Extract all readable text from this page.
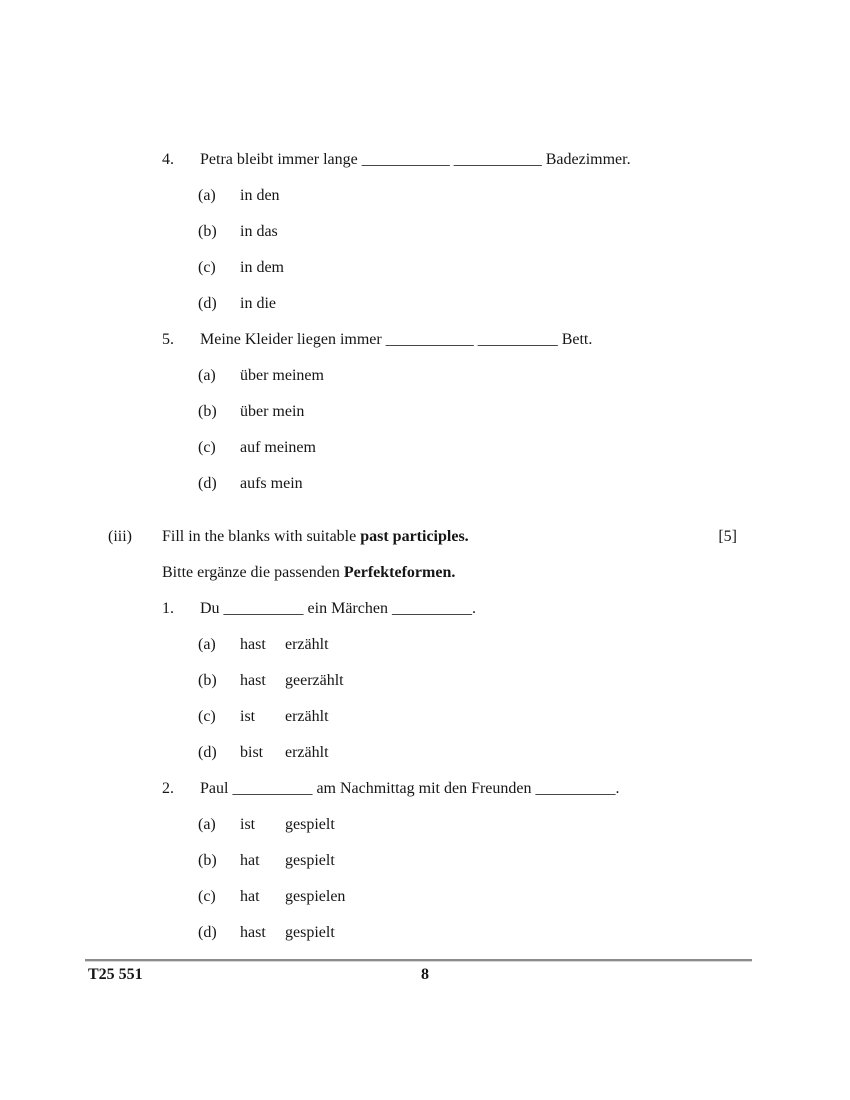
4. Petra bleibt immer lange ___________ ___________ Badezimmer.
(a) in den
(b) in das
(c) in dem
(d) in die
5. Meine Kleider liegen immer ___________ __________ Bett.
(a) über meinem
(b) über mein
(c) auf meinem
(d) aufs mein
(iii)	Fill in the blanks with suitable past participles.	[5]
Bitte ergänze die passenden Perfekteformen.
1. Du __________ ein Märchen __________.
(a) hast erzählt
(b) hast geerzählt
(c) ist erzählt
(d) bist erzählt
2. Paul __________ am Nachmittag mit den Freunden __________.
(a) ist gespielt
(b) hat gespielt
(c) hat gespielen
(d) hast gespielt
T25 551	8
